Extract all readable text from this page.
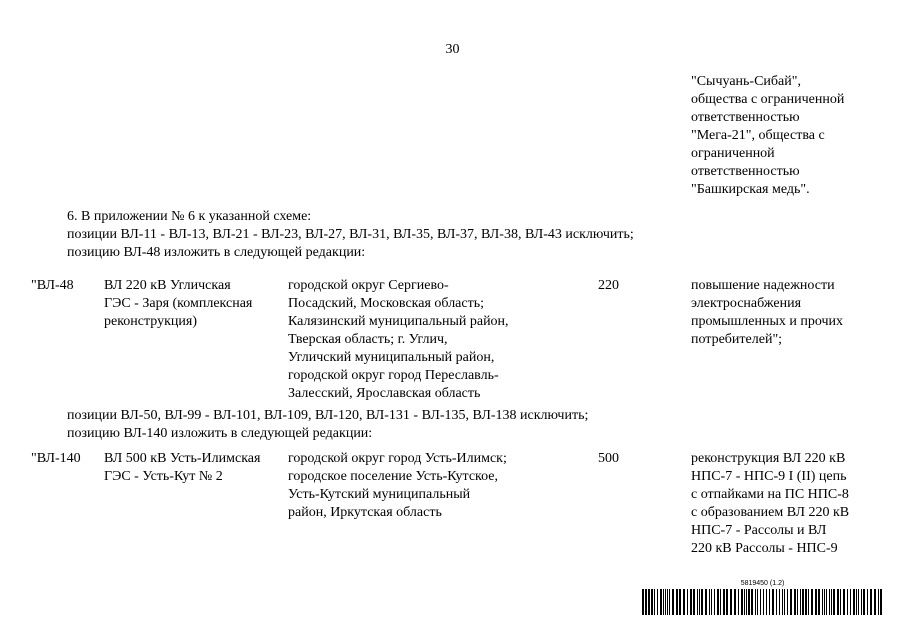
30
"Сычуань-Сибай",
общества с ограниченной
ответственностью
"Мега-21", общества с
ограниченной
ответственностью
"Башкирская медь".
6. В приложении № 6 к указанной схеме:
позиции ВЛ-11 - ВЛ-13, ВЛ-21 - ВЛ-23, ВЛ-27, ВЛ-31, ВЛ-35, ВЛ-37, ВЛ-38, ВЛ-43 исключить;
позицию ВЛ-48 изложить в следующей редакции:
"ВЛ-48 ВЛ 220 кВ Угличская
ГЭС - Заря (комплексная
реконструкция)
городской округ Сергиево-
Посадский, Московская область;
Калязинский муниципальный район,
Тверская область; г. Углич,
Угличский муниципальный район,
городской округ город Переславль-
Залесский, Ярославская область
220	повышение надежности
электроснабжения
промышленных и прочих
потребителей";
позиции ВЛ-50, ВЛ-99 - ВЛ-101, ВЛ-109, ВЛ-120, ВЛ-131 - ВЛ-135, ВЛ-138 исключить;
позицию ВЛ-140 изложить в следующей редакции:
"ВЛ-140 ВЛ 500 кВ Усть-Илимская
ГЭС - Усть-Кут № 2
городской округ город Усть-Илимск;
городское поселение Усть-Кутское,
Усть-Кутский муниципальный
район, Иркутская область
500	реконструкция ВЛ 220 кВ
НПС-7 - НПС-9 I (II) цепь
с отпайками на ПС НПС-8
с образованием ВЛ 220 кВ
НПС-7 - Рассолы и ВЛ
220 кВ Рассолы - НПС-9
5819450 (1.2)
